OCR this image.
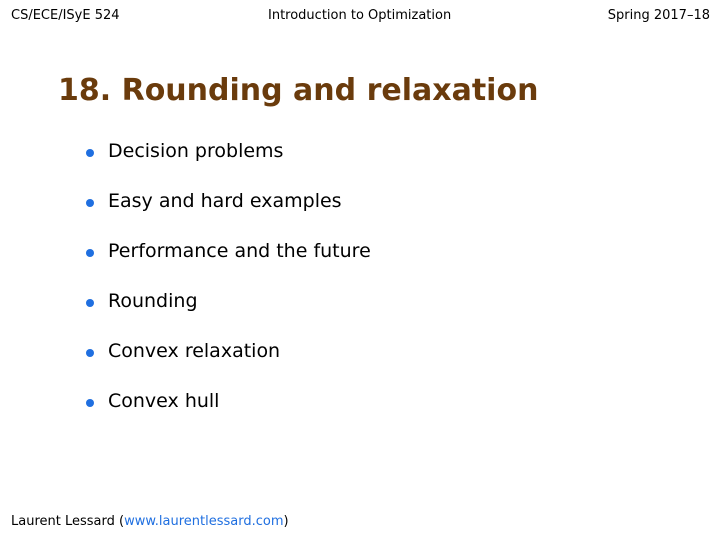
CS/ECE/ISyE 524	Introduction to Optimization	Spring 2017–18
18. Rounding and relaxation
Decision problems
Easy and hard examples
Performance and the future
Rounding
Convex relaxation
Convex hull
Laurent Lessard (www.laurentlessard.com)
